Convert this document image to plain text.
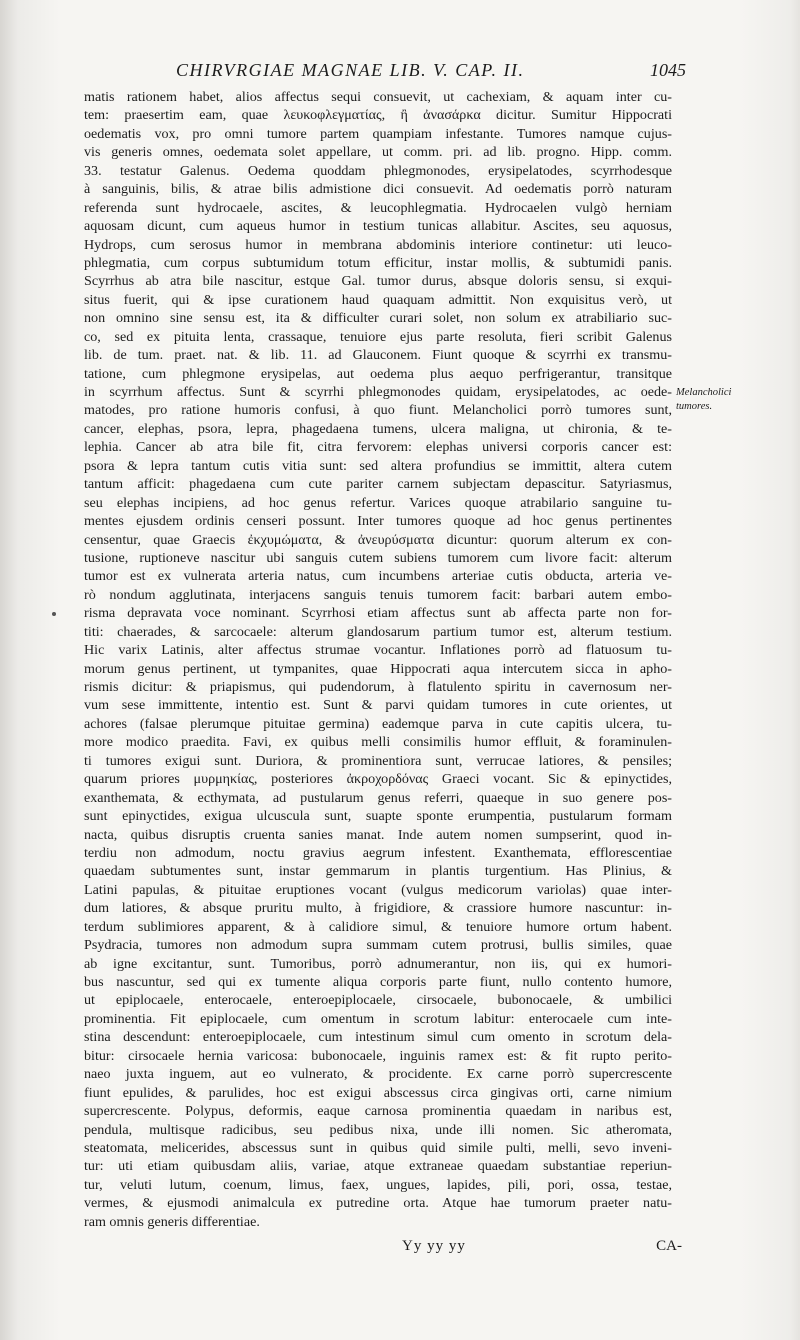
CHIRVRGIAE MAGNAE LIB. V. CAP. II.	1045
matis rationem habet, alios affectus sequi consuevit, ut cachexiam, & aquam inter cu-
tem: praesertim eam, quae λευκοφλεγματίας, ἢ ἀνασάρκα dicitur. Sumitur Hippocrati
oedematis vox, pro omni tumore partem quampiam infestante. Tumores namque cujus-
vis generis omnes, oedemata solet appellare, ut comm. pri. ad lib. progno. Hipp. comm.
33. testatur Galenus. Oedema quoddam phlegmonodes, erysipelatodes, scyrrhodesque
à sanguinis, bilis, & atrae bilis admistione dici consuevit. Ad oedematis porrò naturam
referenda sunt hydrocaele, ascites, & leucophlegmatia. Hydrocaelen vulgò herniam
aquosam dicunt, cum aqueus humor in testium tunicas allabitur. Ascites, seu aquosus,
Hydrops, cum serosus humor in membrana abdominis interiore continetur: uti leuco-
phlegmatia, cum corpus subtumidum totum efficitur, instar mollis, & subtumidi panis.
Scyrrhus ab atra bile nascitur, estque Gal. tumor durus, absque doloris sensu, si exqui-
situs fuerit, qui & ipse curationem haud quaquam admittit. Non exquisitus verò, ut
non omnino sine sensu est, ita & difficulter curari solet, non solum ex atrabiliario suc-
co, sed ex pituita lenta, crassaque, tenuiore ejus parte resoluta, fieri scribit Galenus
lib. de tum. praet. nat. & lib. 11. ad Glauconem. Fiunt quoque & scyrrhi ex transmu-
tatione, cum phlegmone erysipelas, aut oedema plus aequo perfrigerantur, transitque
in scyrrhum affectus. Sunt & scyrrhi phlegmonodes quidam, erysipelatodes, ac oede-
matodes, pro ratione humoris confusi, à quo fiunt. Melancholici porrò tumores sunt,
cancer, elephas, psora, lepra, phagedaena tumens, ulcera maligna, ut chironia, & te-
lephia. Cancer ab atra bile fit, citra fervorem: elephas universi corporis cancer est:
psora & lepra tantum cutis vitia sunt: sed altera profundius se immittit, altera cutem
tantum afficit: phagedaena cum cute pariter carnem subjectam depascitur. Satyriasmus,
seu elephas incipiens, ad hoc genus refertur. Varices quoque atrabilario sanguine tu-
mentes ejusdem ordinis censeri possunt. Inter tumores quoque ad hoc genus pertinentes
censentur, quae Graecis ἐκχυμώματα, & ἀνευρύσματα dicuntur: quorum alterum ex con-
tusione, ruptioneve nascitur ubi sanguis cutem subiens tumorem cum livore facit: alterum
tumor est ex vulnerata arteria natus, cum incumbens arteriae cutis obducta, arteria ve-
rò nondum agglutinata, interjacens sanguis tenuis tumorem facit: barbari autem embo-
risma depravata voce nominant. Scyrrhosi etiam affectus sunt ab affecta parte non for-
titi: chaerades, & sarcocaele: alterum glandosarum partium tumor est, alterum testium.
Hic varix Latinis, alter affectus strumae vocantur. Inflationes porrò ad flatuosum tu-
morum genus pertinent, ut tympanites, quae Hippocrati aqua intercutem sicca in apho-
rismis dicitur: & priapismus, qui pudendorum, à flatulento spiritu in cavernosum ner-
vum sese immittente, intentio est. Sunt & parvi quidam tumores in cute orientes, ut
achores (falsae plerumque pituitae germina) eademque parva in cute capitis ulcera, tu-
more modico praedita. Favi, ex quibus melli consimilis humor effluit, & foraminulen-
ti tumores exigui sunt. Duriora, & prominentiora sunt, verrucae latiores, & pensiles;
quarum priores μυρμηκίας, posteriores ἀκροχορδόνας Graeci vocant. Sic & epinyctides,
exanthemata, & ecthymata, ad pustularum genus referri, quaeque in suo genere pos-
sunt epinyctides, exigua ulcuscula sunt, suapte sponte erumpentia, pustularum formam
nacta, quibus disruptis cruenta sanies manat. Inde autem nomen sumpserint, quod in-
terdiu non admodum, noctu gravius aegrum infestent. Exanthemata, efflorescentiae
quaedam subtumentes sunt, instar gemmarum in plantis turgentium. Has Plinius, &
Latini papulas, & pituitae eruptiones vocant (vulgus medicorum variolas) quae inter-
dum latiores, & absque pruritu multo, à frigidiore, & crassiore humore nascuntur: in-
terdum sublimiores apparent, & à calidiore simul, & tenuiore humore ortum habent.
Psydracia, tumores non admodum supra summam cutem protrusi, bullis similes, quae
ab igne excitantur, sunt. Tumoribus, porrò adnumerantur, non iis, qui ex humori-
bus nascuntur, sed qui ex tumente aliqua corporis parte fiunt, nullo contento humore,
ut epiplocaele, enterocaele, enteroepiplocaele, cirsocaele, bubonocaele, & umbilici
prominentia. Fit epiplocaele, cum omentum in scrotum labitur: enterocaele cum inte-
stina descendunt: enteroepiplocaele, cum intestinum simul cum omento in scrotum dela-
bitur: cirsocaele hernia varicosa: bubonocaele, inguinis ramex est: & fit rupto perito-
naeo juxta inguem, aut eo vulnerato, & procidente. Ex carne porrò supercrescente
fiunt epulides, & parulides, hoc est exigui abscessus circa gingivas orti, carne nimium
supercrescente. Polypus, deformis, eaque carnosa prominentia quaedam in naribus est,
pendula, multisque radicibus, seu pedibus nixa, unde illi nomen. Sic atheromata,
steatomata, melicerides, abscessus sunt in quibus quid simile pulti, melli, sevo inveni-
tur: uti etiam quibusdam aliis, variae, atque extraneae quaedam substantiae reperiun-
tur, veluti lutum, coenum, limus, faex, ungues, lapides, pili, pori, ossa, testae,
vermes, & ejusmodi animalcula ex putredine orta. Atque hae tumorum praeter natu-
ram omnis generis differentiae.
Melancholici
tumores.
Yy yy yy	CA-
